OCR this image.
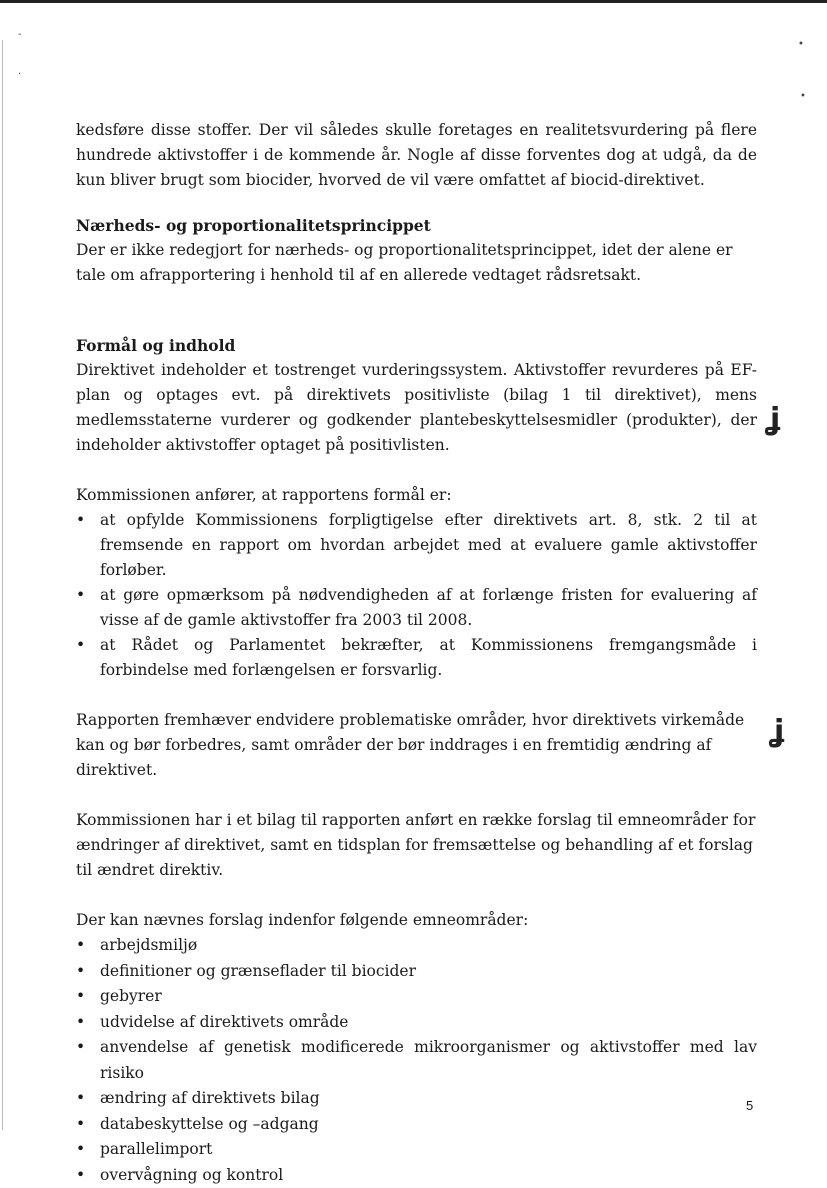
-
·
•
•
ʝ
ʝ

kedsføre disse stoffer. Der vil således skulle foretages en realitetsvurdering på flere hundrede aktivstoffer i de kommende år. Nogle af disse forventes dog at udgå, da de kun bliver brugt som biocider, hvorved de vil være omfattet af biocid-direktivet.

Nærheds- og proportionalitetsprincippet

Der er ikke redegjort for nærheds- og proportionalitetsprincippet, idet der alene er tale om afrapportering i henhold til af en allerede vedtaget rådsretsakt.

Formål og indhold

Direktivet indeholder et tostrenget vurderingssystem. Aktivstoffer revurderes på EF-plan og optages evt. på direktivets positivliste (bilag 1 til direktivet), mens medlemsstaterne vurderer og godkender plantebeskyttelsesmidler (produkter), der indeholder aktivstoffer optaget på positivlisten.

Kommissionen anfører, at rapportens formål er:

• at opfylde Kommissionens forpligtigelse efter direktivets art. 8, stk. 2 til at fremsende en rapport om hvordan arbejdet med at evaluere gamle aktivstoffer forløber.
• at gøre opmærksom på nødvendigheden af at forlænge fristen for evaluering af visse af de gamle aktivstoffer fra 2003 til 2008.
• at Rådet og Parlamentet bekræfter, at Kommissionens fremgangsmåde i forbindelse med forlængelsen er forsvarlig.

Rapporten fremhæver endvidere problematiske områder, hvor direktivets virkemåde kan og bør forbedres, samt områder der bør inddrages i en fremtidig ændring af direktivet.

Kommissionen har i et bilag til rapporten anført en række forslag til emneområder for ændringer af direktivet, samt en tidsplan for fremsættelse og behandling af et forslag til ændret direktiv.

Der kan nævnes forslag indenfor følgende emneområder:

• arbejdsmiljø
• definitioner og grænseflader til biocider
• gebyrer
• udvidelse af direktivets område
• anvendelse af genetisk modificerede mikroorganismer og aktivstoffer med lav risiko
• ændring af direktivets bilag
• databeskyttelse og –adgang
• parallelimport
• overvågning og kontrol
5
